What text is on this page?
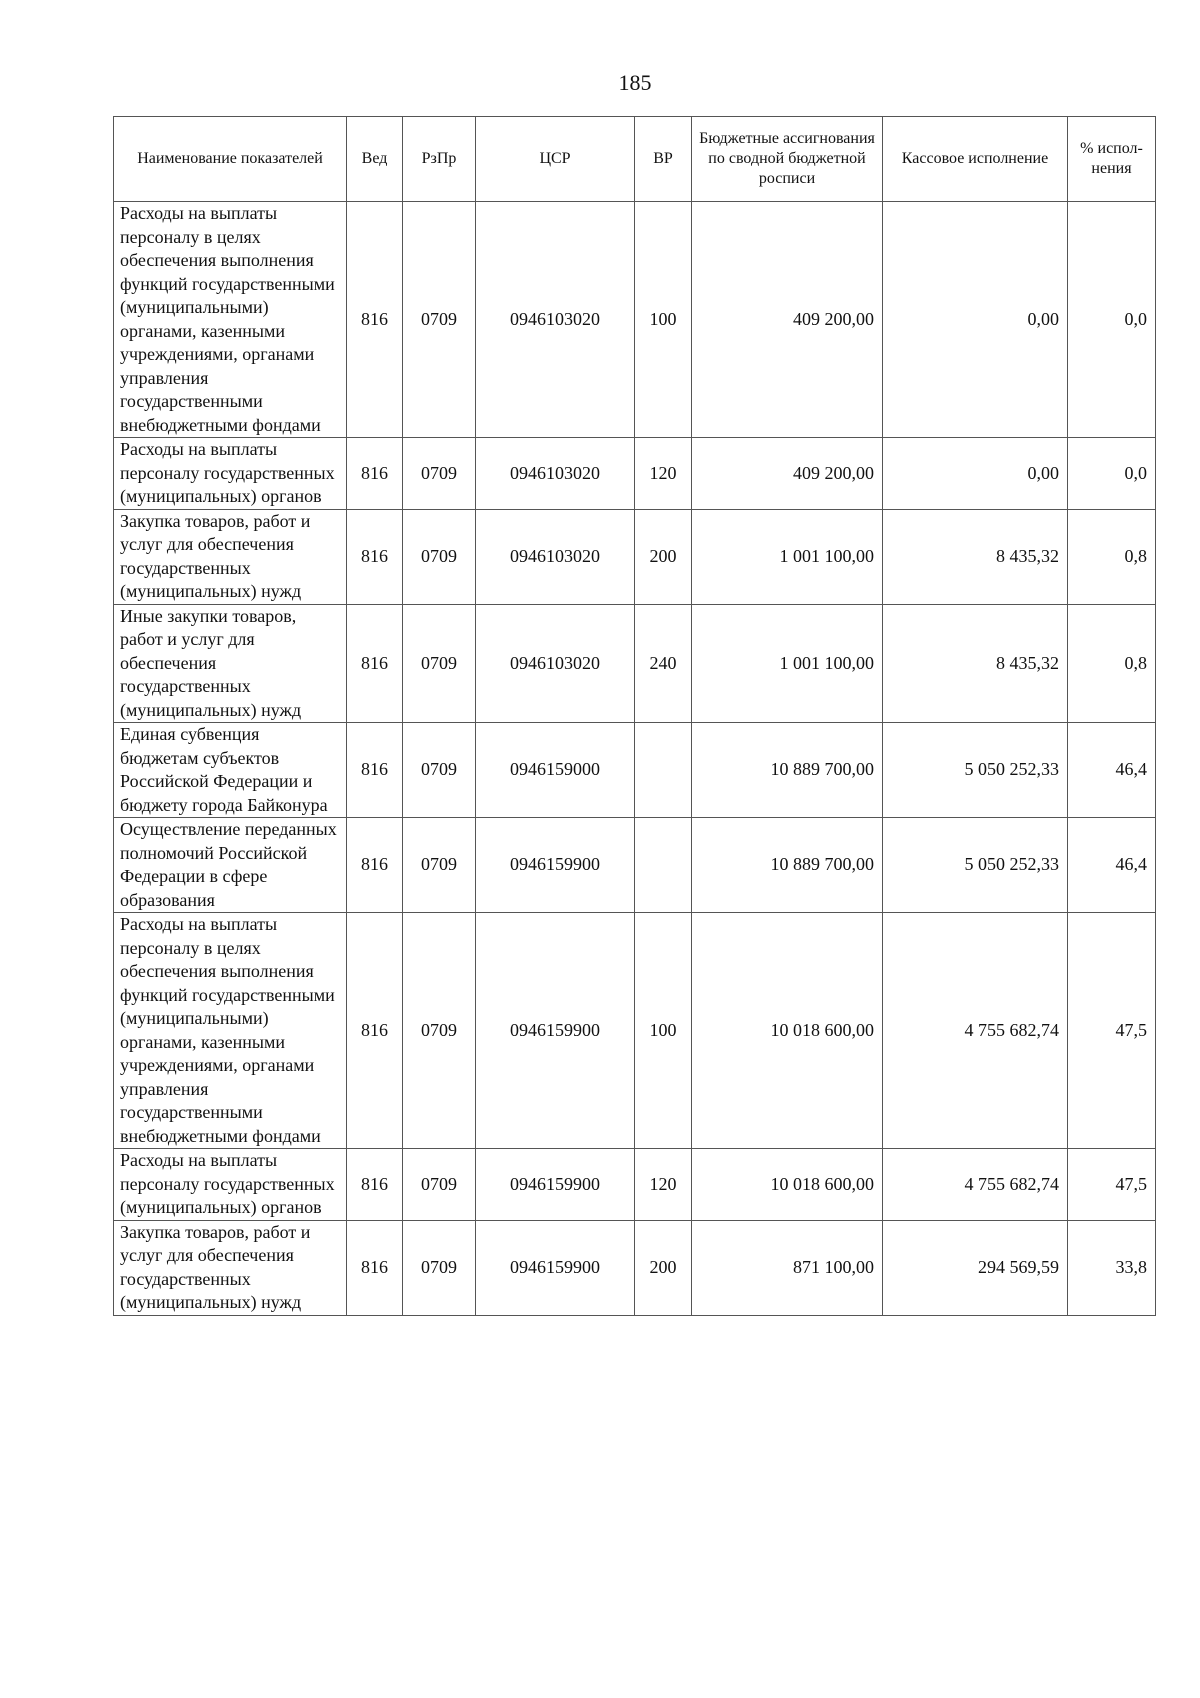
185
Наименование показателей	Вед	РзПр	ЦСР	ВР	Бюджетные ассигнования по сводной бюджетной росписи	Кассовое исполнение	% испол-нения
Расходы на выплаты персоналу в целях обеспечения выполнения функций государственными (муниципальными) органами, казенными учреждениями, органами управления государственными внебюджетными фондами	816	0709	0946103020	100	409 200,00	0,00	0,0
Расходы на выплаты персоналу государственных (муниципальных) органов	816	0709	0946103020	120	409 200,00	0,00	0,0
Закупка товаров, работ и услуг для обеспечения государственных (муниципальных) нужд	816	0709	0946103020	200	1 001 100,00	8 435,32	0,8
Иные закупки товаров, работ и услуг для обеспечения государственных (муниципальных) нужд	816	0709	0946103020	240	1 001 100,00	8 435,32	0,8
Единая субвенция бюджетам субъектов Российской Федерации и бюджету города Байконура	816	0709	0946159000		10 889 700,00	5 050 252,33	46,4
Осуществление переданных полномочий Российской Федерации в сфере образования	816	0709	0946159900		10 889 700,00	5 050 252,33	46,4
Расходы на выплаты персоналу в целях обеспечения выполнения функций государственными (муниципальными) органами, казенными учреждениями, органами управления государственными внебюджетными фондами	816	0709	0946159900	100	10 018 600,00	4 755 682,74	47,5
Расходы на выплаты персоналу государственных (муниципальных) органов	816	0709	0946159900	120	10 018 600,00	4 755 682,74	47,5
Закупка товаров, работ и услуг для обеспечения государственных (муниципальных) нужд	816	0709	0946159900	200	871 100,00	294 569,59	33,8
